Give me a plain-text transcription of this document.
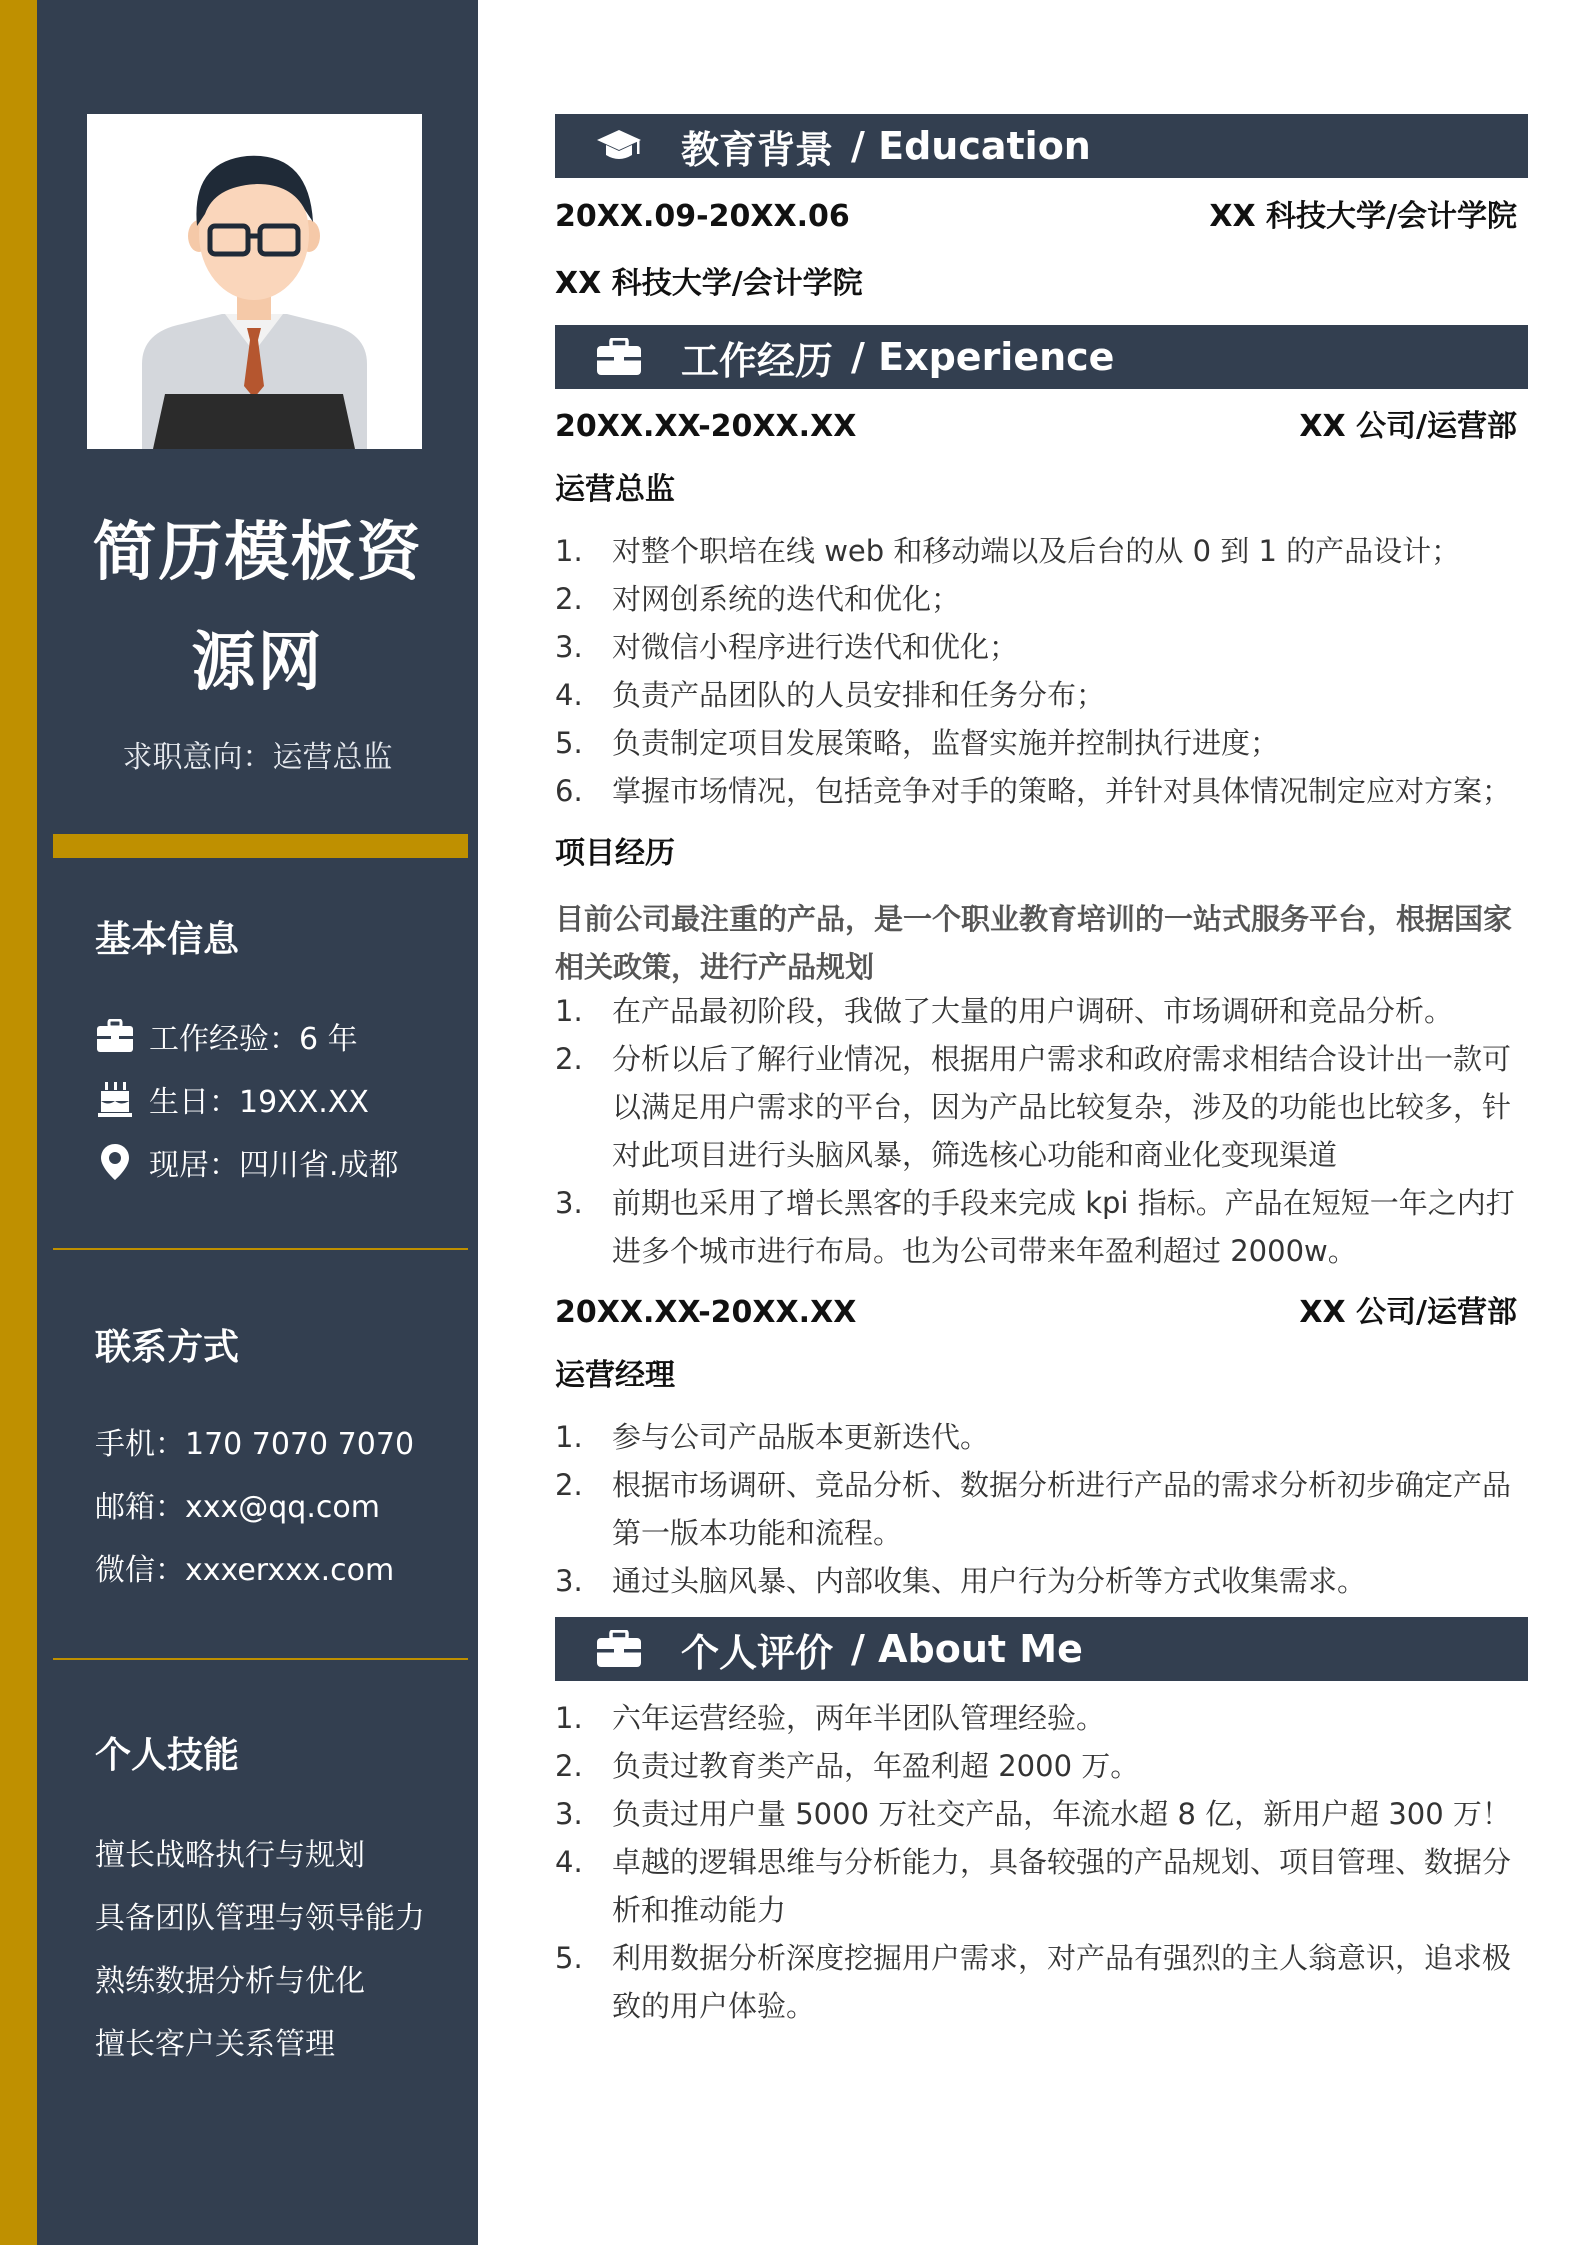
简历模板资
源网
求职意向：运营总监
基本信息
工作经验：6 年
生日：19XX.XX
现居：四川省.成都
联系方式
手机：170 7070 7070
邮箱：xxx@qq.com
微信：xxxerxxx.com
个人技能
擅长战略执行与规划
具备团队管理与领导能力
熟练数据分析与优化
擅长客户关系管理
教育背景 / Education
20XX.09-20XX.06	XX 科技大学/会计学院
XX 科技大学/会计学院
工作经历 / Experience
20XX.XX-20XX.XX	XX 公司/运营部
运营总监
1. 对整个职培在线 web 和移动端以及后台的从 0 到 1 的产品设计；
2. 对网创系统的迭代和优化；
3. 对微信小程序进行迭代和优化；
4. 负责产品团队的人员安排和任务分布；
5. 负责制定项目发展策略，监督实施并控制执行进度；
6. 掌握市场情况，包括竞争对手的策略，并针对具体情况制定应对方案；
项目经历
目前公司最注重的产品，是一个职业教育培训的一站式服务平台，根据国家相关政策，进行产品规划
1. 在产品最初阶段，我做了大量的用户调研、市场调研和竞品分析。
2. 分析以后了解行业情况，根据用户需求和政府需求相结合设计出一款可以满足用户需求的平台，因为产品比较复杂，涉及的功能也比较多，针对此项目进行头脑风暴，筛选核心功能和商业化变现渠道
3. 前期也采用了增长黑客的手段来完成 kpi 指标。产品在短短一年之内打进多个城市进行布局。也为公司带来年盈利超过 2000w。
20XX.XX-20XX.XX	XX 公司/运营部
运营经理
1. 参与公司产品版本更新迭代。
2. 根据市场调研、竞品分析、数据分析进行产品的需求分析初步确定产品第一版本功能和流程。
3. 通过头脑风暴、内部收集、用户行为分析等方式收集需求。
个人评价 / About Me
1. 六年运营经验，两年半团队管理经验。
2. 负责过教育类产品，年盈利超 2000 万。
3. 负责过用户量 5000 万社交产品，年流水超 8 亿，新用户超 300 万！
4. 卓越的逻辑思维与分析能力，具备较强的产品规划、项目管理、数据分析和推动能力
5. 利用数据分析深度挖掘用户需求，对产品有强烈的主人翁意识，追求极致的用户体验。
